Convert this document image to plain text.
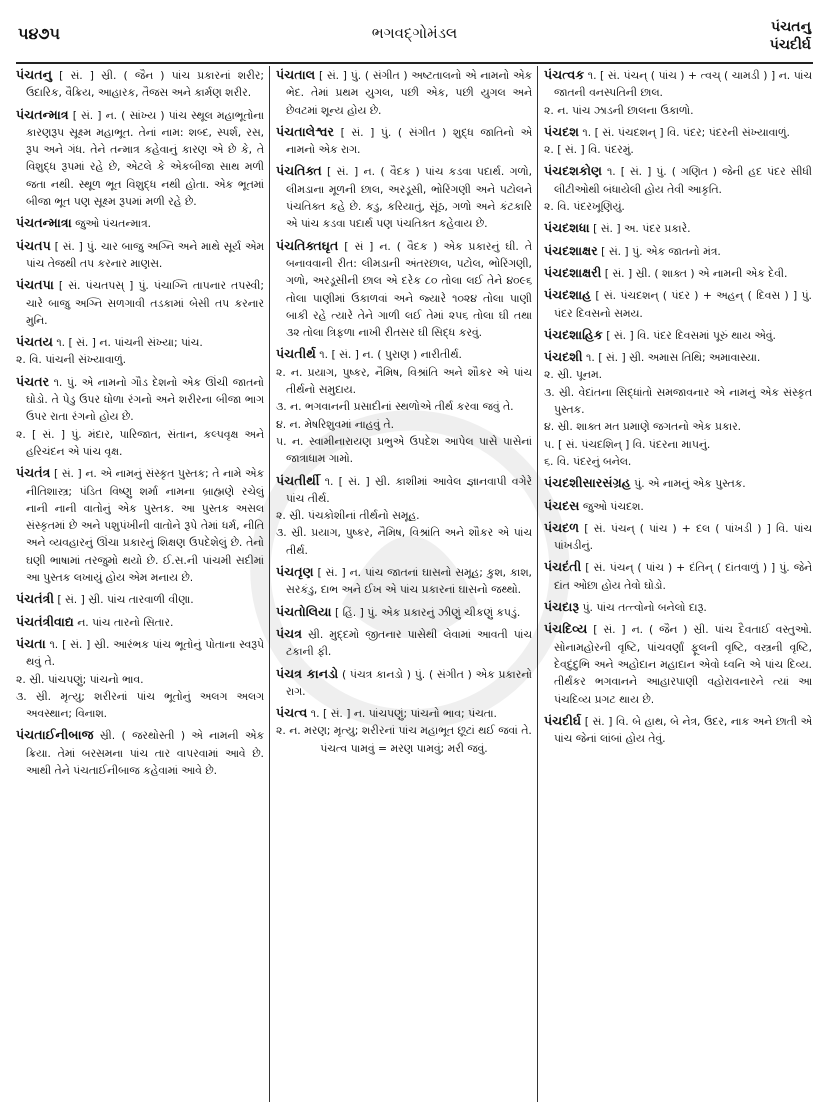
૫૪૭૫	ભગવદ્ગોમંડલ	પંચતનુ
પંચદીર્ઘ

પંચતનુ [ સં. ] સ્રી. ( જૈન ) પાંચ પ્રકારનાં શરીર; ઉદારિક, વૈક્રિય, આહારક, તૈજસ અને કાર્મણ શરીર.

પંચતન્માત્ર [ સં. ] ન. ( સાંખ્ય ) પાંચ સ્થૂલ મહાભૂતોના કારણરૂપ સૂક્ષ્મ મહાભૂત. તેનાં નામ: શબ્દ, સ્પર્શ, રસ, રૂપ અને ગંધ. તેને તન્માત્ર કહેવાનું કારણ એ છે કે, તે વિશુદ્ધ રૂપમાં રહે છે, એટલે કે એકબીજા સાથ મળી જતા નથી. સ્થૂળ ભૂત વિશુદ્ધ નથી હોતા. એક ભૂતમાં બીજા ભૂત પણ સૂક્ષ્મ રૂપમાં મળી રહે છે.

પંચતન્માત્રા જુઓ પંચતન્માત્ર.

પંચતપ [ સં. ] પું. ચાર બાજુ અગ્નિ અને માથે સૂર્ય એમ પાંચ તેજથી તપ કરનાર માણસ.

પંચતપા [ સં. પંચતપસ્ ] પું. પંચાગ્નિ તાપનાર તપસ્વી; ચારે બાજુ અગ્નિ સળગાવી તડકામાં બેસી તપ કરનાર મુનિ.

પંચતય ૧. [ સં. ] ન. પાંચની સંખ્યા; પાંચ.
૨. વિ. પાંચની સંખ્યાવાળું.

પંચતર ૧. પું. એ નામનો ગૌડ દેશનો એક ઊંચી જાતનો ઘોડો. તે પેડુ ઉપર ધોળા રંગનો અને શરીરના બીજા ભાગ ઉપર રાતા રંગનો હોય છે.
૨. [ સં. ] પું. મંદાર, પારિજાત, સંતાન, કલ્પવૃક્ષ અને હરિચંદન એ પાંચ વૃક્ષ.

પંચતંત્ર [ સં. ] ન. એ નામનું સંસ્કૃત પુસ્તક; તે નામે એક નીતિશાસ્ત્ર; પંડિત વિષ્ણુ શર્મા નામના બ્રાહ્મણે રચેલું નાની નાની વાતોનું એક પુસ્તક. આ પુસ્તક અસલ સંસ્કૃતમાં છે અને પશુપંખીની વાતોને રૂપે તેમાં ધર્મ, નીતિ અને વ્યવહારનું ઊંચા પ્રકારનું શિક્ષણ ઉપદેશેલું છે. તેનો ઘણી ભાષામાં તરજુમો થયો છે. ઈ.સ.ની પાંચમી સદીમાં આ પુસ્તક લખાયું હોય એમ મનાય છે.

પંચતંત્રી [ સં. ] સ્રી. પાંચ તારવાળી વીણા.

પંચતંત્રીવાદ્ય ન. પાંચ તારનો સિતાર.

પંચતા ૧. [ સં. ] સ્રી. આરંભક પાંચ ભૂતોનું પોતાના સ્વરૂપે થવું તે.
૨. સ્રી. પાંચપણું; પાંચનો ભાવ.
૩. સ્રી. મૃત્યુ; શરીરનાં પાંચ ભૂતોનું અલગ અલગ અવસ્થાન; વિનાશ.

પંચતાઈનીબાજ સ્રી. ( જરથોસ્તી ) એ નામની એક ક્રિયા. તેમાં બરસમના પાંચ તાર વાપરવામાં આવે છે. આથી તેને પંચતાઈનીબાજ કહેવામાં આવે છે.

પંચતાલ [ સં. ] પું. ( સંગીત ) અષ્ટતાલનો એ નામનો એક ભેદ. તેમાં પ્રથમ યુગલ, પછી એક, પછી યુગલ અને છેવટમાં શૂન્ય હોય છે.

પંચતાલેશ્વર [ સં. ] પું. ( સંગીત ) શુદ્ધ જાતિનો એ નામનો એક રાગ.

પંચતિક્ત [ સં. ] ન. ( વૈદક ) પાંચ કડવા પદાર્થ. ગળો, લીમડાના મૂળની છાલ, અરડૂસી, ભોરિંગણી અને પટોલને પંચતિક્ત કહે છે. કડુ, કરિયાતું, સૂંઠ, ગળો અને કંટકારિ એ પાંચ કડવા પદાર્થ પણ પંચતિક્ત કહેવાય છે.

પંચતિક્તઘૃત [ સં ] ન. ( વૈદક ) એક પ્રકારનું ઘી. તે બનાવવાની રીત: લીમડાની અંતરછાલ, પટોલ, ભોરિંગણી, ગળો, અરડૂસીની છાલ એ દરેક ૮૦ તોલા લઈ તેને ૪૦૯૬ તોલા પાણીમાં ઉકાળવાં અને જ્યારે ૧૦૨૪ તોલા પાણી બાકી રહે ત્યારે તેને ગાળી લઈ તેમાં ૨૫૬ તોલા ઘી તથા ૩૨ તોલા ત્રિફળા નાખી રીતસર ઘી સિદ્ધ કરવું.

પંચતીર્થ ૧. [ સં. ] ન. ( પુરાણ ) નારીતીર્થ.
૨. ન. પ્રયાગ, પુષ્કર, નૈમિષ, વિશ્રાંતિ અને શૌકર એ પાંચ તીર્થનો સમુદાય.
૩. ન. ભગવાનની પ્રસાદીનાં સ્થળોએ તીર્થ કરવા જવું તે.
૪. ન. મેષરિશુવમાં નાહવું તે.
૫. ન. સ્વામીનારાયણ પ્રભુએ ઉપદેશ આપેલ પાસે પાસેનાં જાત્રાધામ ગામો.

પંચતીર્થી ૧. [ સં. ] સ્રી. કાશીમાં આવેલ જ્ઞાનવાપી વગેરે પાંચ તીર્થ.
૨. સ્રી. પંચકોશીનાં તીર્થનો સમૂહ.
૩. સ્રી. પ્રયાગ, પુષ્કર, નૈમિષ, વિશ્રાંતિ અને શૌકર એ પાંચ તીર્થ.

પંચતૃણ [ સં. ] ન. પાંચ જાતનાં ઘાસનો સમૂહ; કુશ, કાશ, સરકંડુ, દાભ અને ઈખ એ પાંચ પ્રકારનાં ઘાસનો જથ્થો.

પંચતોલિયા [ હિં. ] પું. એક પ્રકારનું ઝીણું ચીકણું કપડું.

પંચત્ર સ્રી. મુદ્દમો જીતનાર પાસેથી લેવામાં આવતી પાંચ ટકાની ફી.

પંચત્ર કાનડો ( પંચત્ર કાનડો ) પું. ( સંગીત ) એક પ્રકારનો રાગ.

પંચત્વ ૧. [ સં. ] ન. પાંચપણું; પાંચનો ભાવ; પંચતા.
૨. ન. મરણ; મૃત્યુ; શરીરનાં પાંચ મહાભૂત છૂટાં થઈ જવાં તે.
પંચત્વ પામવું = મરણ પામવું; મરી જવું.

પંચત્વક ૧. [ સં. પંચન્ ( પાંચ ) + ત્વચ્ ( ચામડી ) ] ન. પાંચ જાતની વનસ્પતિની છાલ.
૨. ન. પાંચ ઝાડની છાલના ઉકાળો.

પંચદશ ૧. [ સં. પંચદશન્ ] વિ. પંદર; પંદરની સંખ્યાવાળું.
૨. [ સં. ] વિ. પંદરમું.

પંચદશકોણ ૧. [ સં. ] પું. ( ગણિત ) જેની હદ પંદર સીધી લીટીઓથી બંધાયેલી હોય તેવી આકૃતિ.
૨. વિ. પંદરખૂણિયું.

પંચદશધા [ સં. ] અ. પંદર પ્રકારે.

પંચદશાક્ષર [ સં. ] પું. એક જાતનો મંત્ર.

પંચદશાક્ષરી [ સં. ] સ્રી. ( શાક્ત ) એ નામની એક દેવી.

પંચદશાહ [ સં. પંચદશન્ ( પંદર ) + અહન્ ( દિવસ ) ] પું. પંદર દિવસનો સમય.

પંચદશાહિક [ સં. ] વિ. પંદર દિવસમાં પૂરું થાય એવું.

પંચદશી ૧. [ સં. ] સ્રી. અમાસ તિથિ; અમાવાસ્યા.
૨. સ્રી. પૂનમ.
૩. સ્રી. વેદાંતના સિદ્ધાંતો સમજાવનાર એ નામનું એક સંસ્કૃત પુસ્તક.
૪. સ્રી. શાક્ત મત પ્રમાણે જગતનો એક પ્રકાર.
૫. [ સં. પંચદશિન્ ] વિ. પંદરના માપનું.
૬. વિ. પંદરનું બનેલ.

પંચદશીસારસંગ્રહ પું. એ નામનું એક પુસ્તક.

પંચદસ જુઓ પંચદશ.

પંચદળ [ સં. પંચન્ ( પાંચ ) + દલ ( પાંખડી ) ] વિ. પાંચ પાંખડીનું.

પંચદંતી [ સં. પંચન્ ( પાંચ ) + દંતિન્ ( દાંતવાળું ) ] પું. જેને દાંત ઓછા હોય તેવો ઘોડો.

પંચદારૂ પું. પાંચ તત્ત્વોનો બનેલો દારૂ.

પંચદિવ્ય [ સં. ] ન. ( જૈન ) સ્રી. પાંચ દૈવતાઈ વસ્તુઓ. સોનામહોરની વૃષ્ટિ, પાંચવર્ણાં ફૂલની વૃષ્ટિ, વસ્ત્રની વૃષ્ટિ, દેવદુંદુભિ અને અહોદાન મહાદાન એવો ધ્વનિ એ પાંચ દિવ્ય. તીર્થંકર ભગવાનને આહારપાણી વહોરાવનારને ત્યાં આ પંચદિવ્ય પ્રગટ થાય છે.

પંચદીર્ઘ [ સં. ] વિ. બે હાથ, બે નેત્ર, ઉદર, નાક અને છાતી એ પાંચ જેનાં લાંબાં હોય તેવું.
